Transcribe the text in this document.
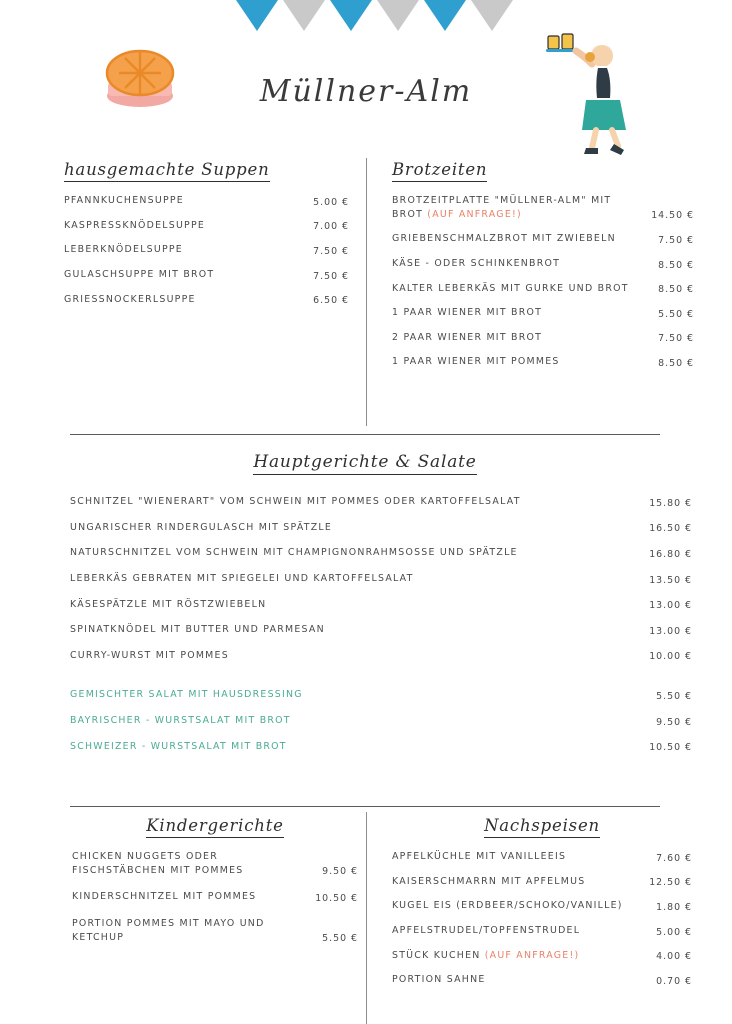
Müllner-Alm
hausgemachte Suppen
PFANNKUCHENSUPPE	5.00 €
KASPRESSKNÖDELSUPPE	7.00 €
LEBERKNÖDELSUPPE	7.50 €
GULASCHSUPPE MIT BROT	7.50 €
GRIESSNOCKERLSUPPE	6.50 €
Brotzeiten
BROTZEITPLATTE "MÜLLNER-ALM" MIT BROT (AUF ANFRAGE!)	14.50 €
GRIEBENSCHMALZBROT MIT ZWIEBELN	7.50 €
KÄSE - ODER SCHINKENBROT	8.50 €
KALTER LEBERKÄS MIT GURKE UND BROT	8.50 €
1 PAAR WIENER MIT BROT	5.50 €
2 PAAR WIENER MIT BROT	7.50 €
1 PAAR WIENER MIT POMMES	8.50 €
Hauptgerichte & Salate
SCHNITZEL "WIENERART" VOM SCHWEIN MIT POMMES ODER KARTOFFELSALAT	15.80 €
UNGARISCHER RINDERGULASCH MIT SPÄTZLE	16.50 €
NATURSCHNITZEL VOM SCHWEIN MIT CHAMPIGNONRAHMSOSSE UND SPÄTZLE	16.80 €
LEBERKÄS GEBRATEN MIT SPIEGELEI UND KARTOFFELSALAT	13.50 €
KÄSESPÄTZLE MIT RÖSTZWIEBELN	13.00 €
SPINATKNÖDEL MIT BUTTER UND PARMESAN	13.00 €
CURRY-WURST MIT POMMES	10.00 €
GEMISCHTER SALAT MIT HAUSDRESSING	5.50 €
BAYRISCHER - WURSTSALAT MIT BROT	9.50 €
SCHWEIZER - WURSTSALAT MIT BROT	10.50 €
Kindergerichte
CHICKEN NUGGETS ODER FISCHSTÄBCHEN MIT POMMES	9.50 €
KINDERSCHNITZEL MIT POMMES	10.50 €
PORTION POMMES MIT MAYO UND KETCHUP	5.50 €
Nachspeisen
APFELKÜCHLE MIT VANILLEEIS	7.60 €
KAISERSCHMARRN MIT APFELMUS	12.50 €
KUGEL EIS (ERDBEER/SCHOKO/VANILLE)	1.80 €
APFELSTRUDEL/TOPFENSTRUDEL	5.00 €
STÜCK KUCHEN (AUF ANFRAGE!)	4.00 €
PORTION SAHNE	0.70 €
